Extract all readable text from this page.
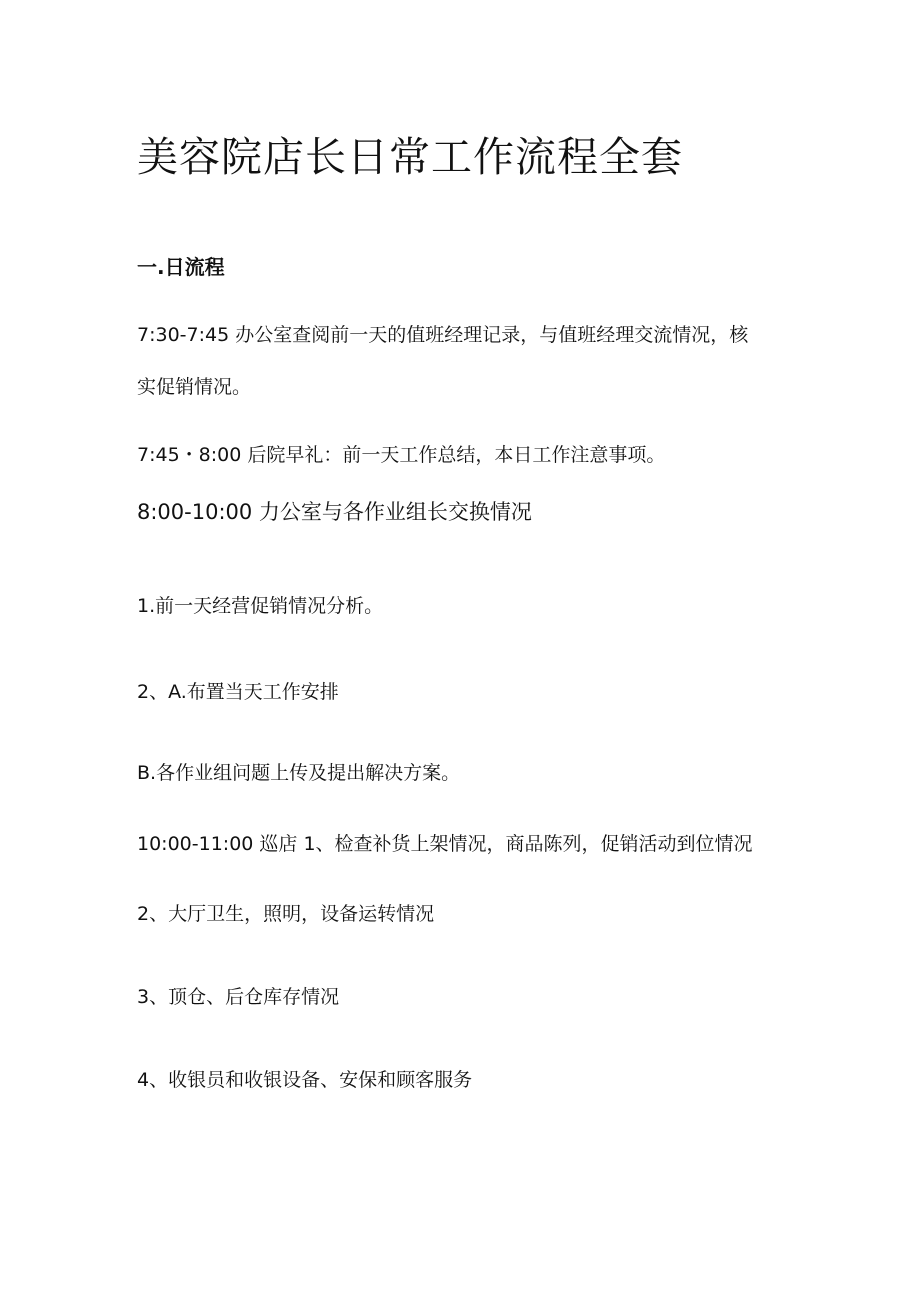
美容院店长日常工作流程全套
一.日流程

7:30-7:45 办公室查阅前一天的值班经理记录，与值班经理交流情况，核

实促销情况。

7:45・8:00 后院早礼：前一天工作总结，本日工作注意事项。

8:00-10:00 力公室与各作业组长交换情况

1.前一天经营促销情况分析。

2、A.布置当天工作安排

B.各作业组问题上传及提出解决方案。

10:00-11:00 巡店 1、检查补货上架情况，商品陈列，促销活动到位情况

2、大厅卫生，照明，设备运转情况

3、顶仓、后仓库存情况

4、收银员和收银设备、安保和顾客服务
